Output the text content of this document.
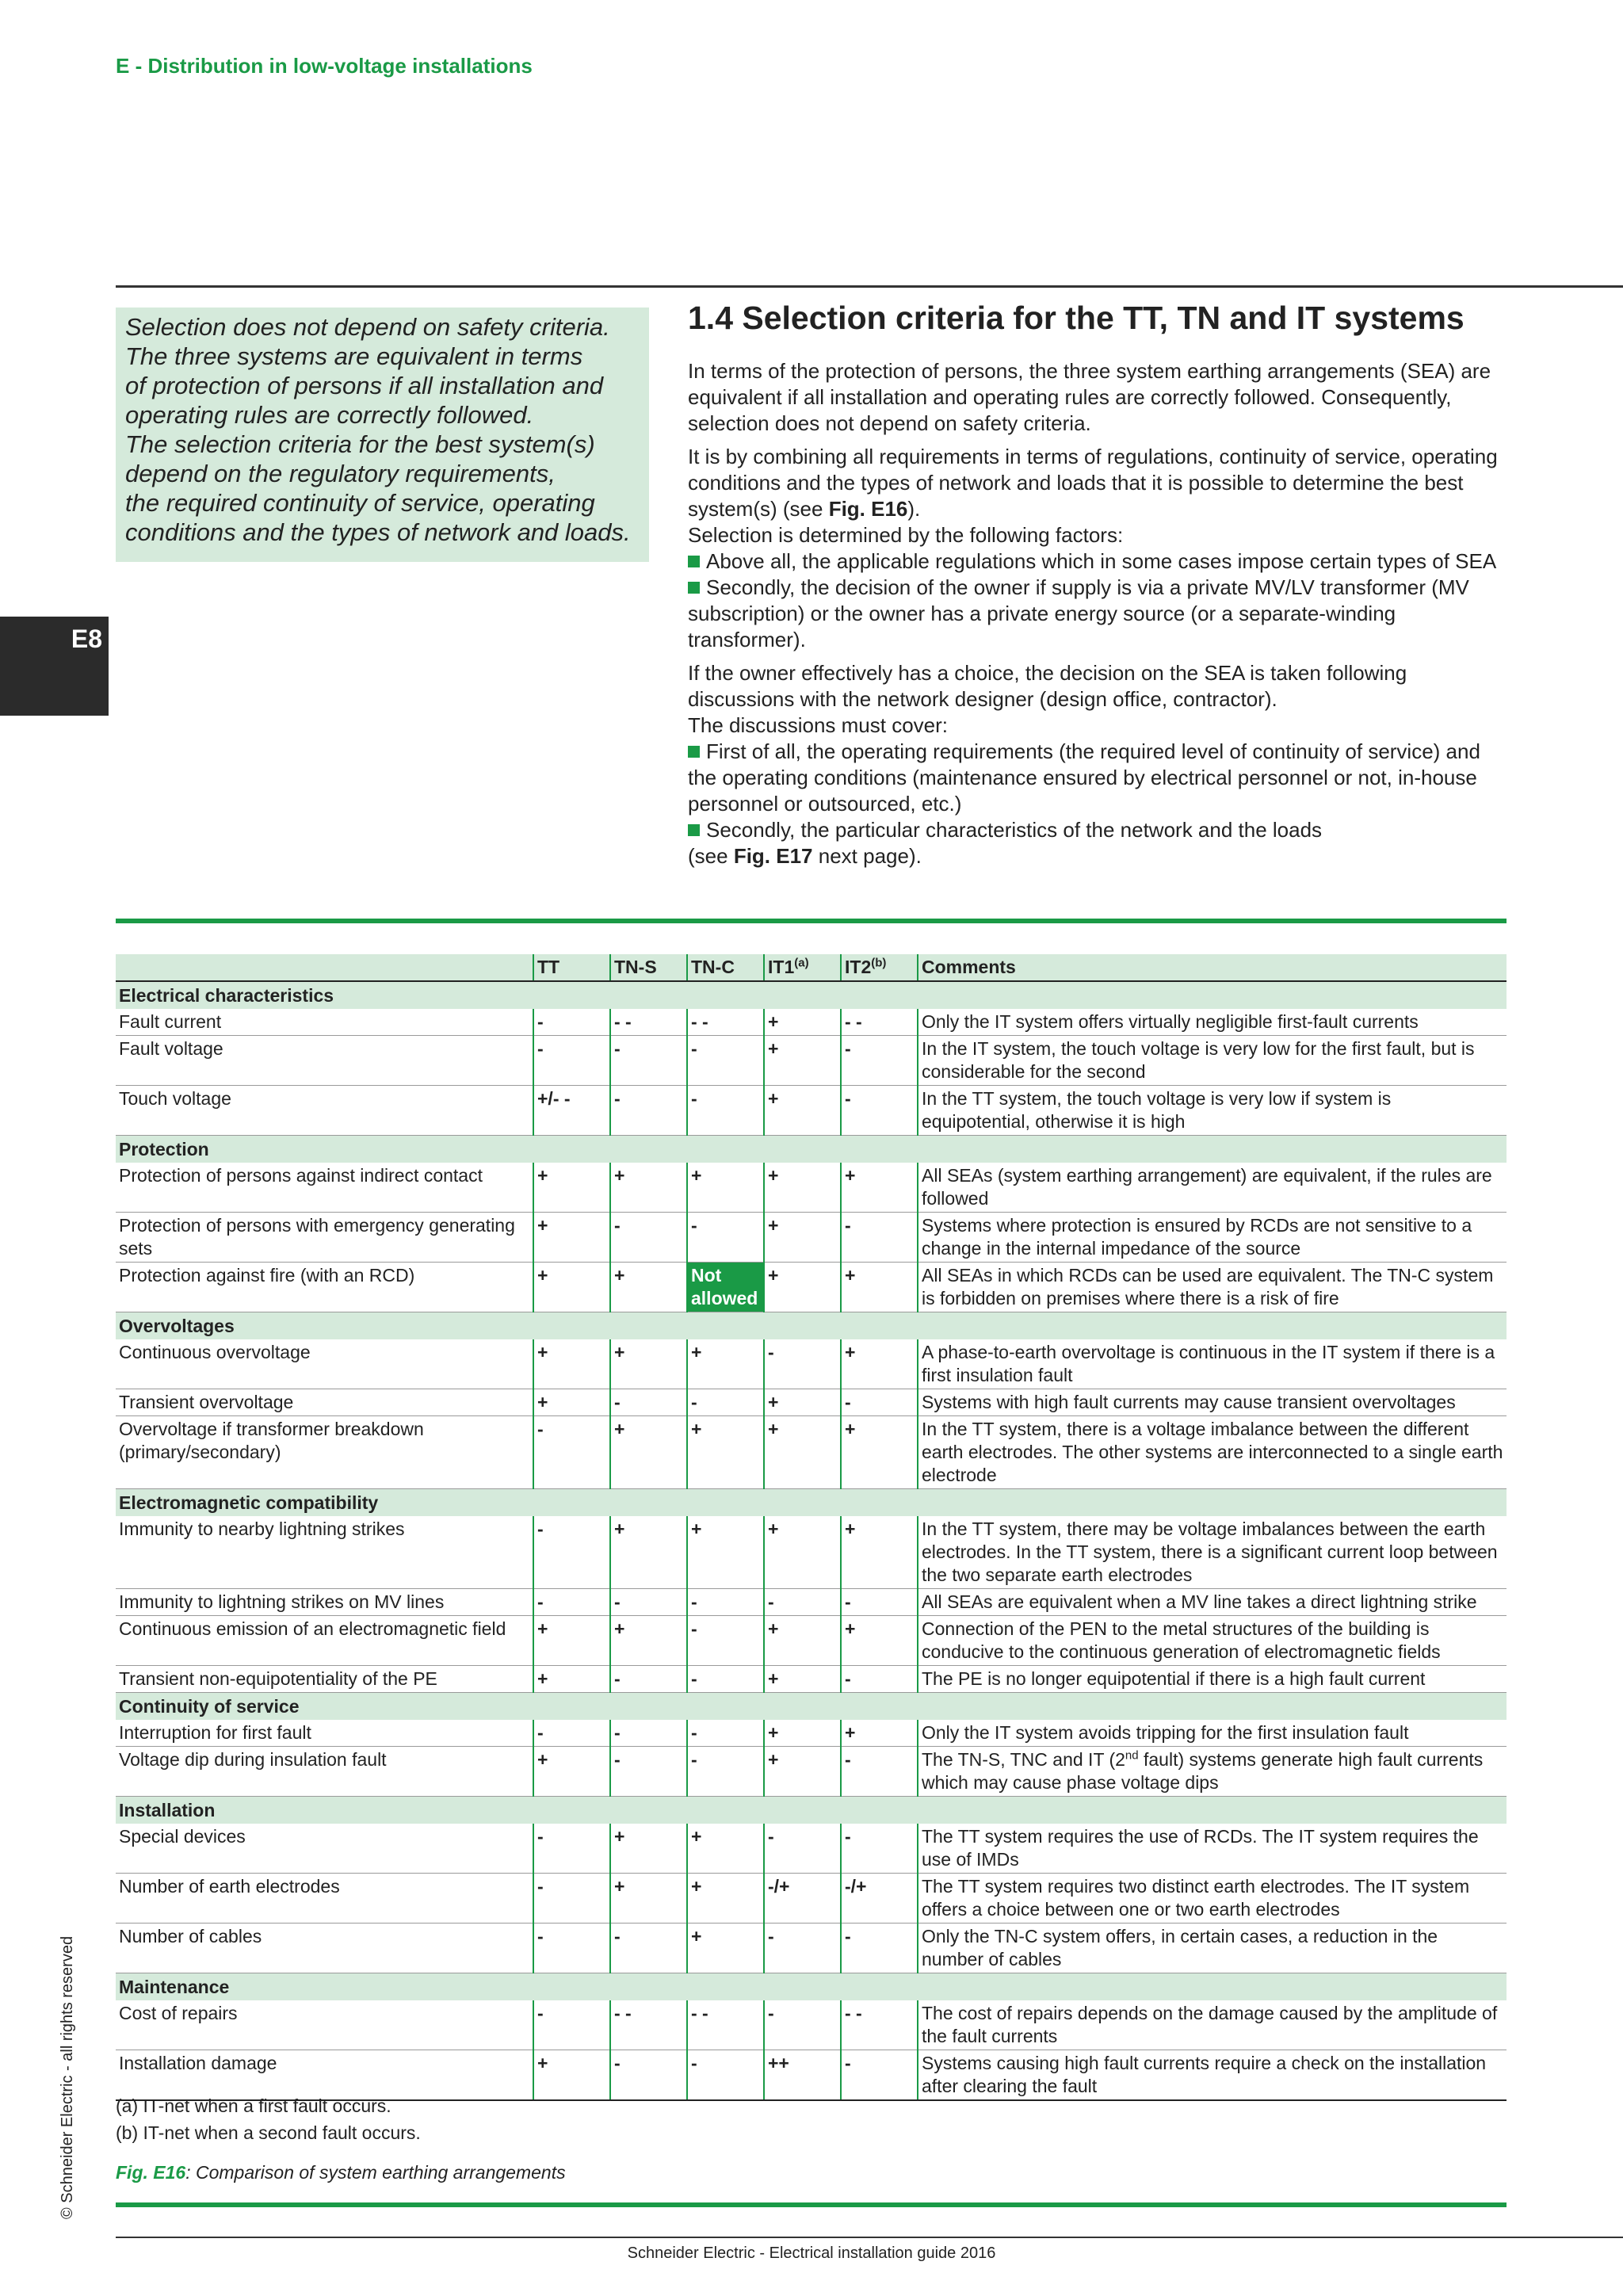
E - Distribution in low-voltage installations
E8
© Schneider Electric - all rights reserved

Selection does not depend on safety criteria.

The three systems are equivalent in terms

of protection of persons if all installation and

operating rules are correctly followed.

The selection criteria for the best system(s)

depend on the regulatory requirements,

the required continuity of service, operating

conditions and the types of network and loads.

1.4 Selection criteria for the TT, TN and IT systems

In terms of the protection of persons, the three system earthing arrangements (SEA) are equivalent if all installation and operating rules are correctly followed. Consequently, selection does not depend on safety criteria.

It is by combining all requirements in terms of regulations, continuity of service, operating conditions and the types of network and loads that it is possible to determine the best system(s) (see Fig. E16).

Selection is determined by the following factors:

Above all, the applicable regulations which in some cases impose certain types of SEA

Secondly, the decision of the owner if supply is via a private MV/LV transformer (MV subscription) or the owner has a private energy source (or a separate-winding transformer).

If the owner effectively has a choice, the decision on the SEA is taken following discussions with the network designer (design office, contractor).

The discussions must cover:

First of all, the operating requirements (the required level of continuity of service) and the operating conditions (maintenance ensured by electrical personnel or not, in-house personnel or outsourced, etc.)

Secondly, the particular characteristics of the network and the loads
(see Fig. E17 next page).

	TT	TN-S	TN-C	IT1$^{(a)}$	IT2$^{(b)}$	Comments
Electrical characteristics						
Fault current	-	- -	- -	+	- -	Only the IT system offers virtually negligible first-fault currents
Fault voltage	-	-	-	+	-	In the IT system, the touch voltage is very low for the first fault, but is considerable for the second
Touch voltage	+/- -	-	-	+	-	In the TT system, the touch voltage is very low if system is equipotential, otherwise it is high
Protection						
Protection of persons against indirect contact	+	+	+	+	+	All SEAs (system earthing arrangement) are equivalent, if the rules are followed
Protection of persons with emergency generating sets	+	-	-	+	-	Systems where protection is ensured by RCDs are not sensitive to a change in the internal impedance of the source
Protection against fire (with an RCD)	+	+	Not allowed	+	+	All SEAs in which RCDs can be used are equivalent. The TN-C system is forbidden on premises where there is a risk of fire
Overvoltages						
Continuous overvoltage	+	+	+	-	+	A phase-to-earth overvoltage is continuous in the IT system if there is a first insulation fault
Transient overvoltage	+	-	-	+	-	Systems with high fault currents may cause transient overvoltages
Overvoltage if transformer breakdown (primary/secondary)	-	+	+	+	+	In the TT system, there is a voltage imbalance between the different earth electrodes. The other systems are interconnected to a single earth electrode
Electromagnetic compatibility						
Immunity to nearby lightning strikes	-	+	+	+	+	In the TT system, there may be voltage imbalances between the earth electrodes. In the TT system, there is a significant current loop between the two separate earth electrodes
Immunity to lightning strikes on MV lines	-	-	-	-	-	All SEAs are equivalent when a MV line takes a direct lightning strike
Continuous emission of an electromagnetic field	+	+	-	+	+	Connection of the PEN to the metal structures of the building is conducive to the continuous generation of electromagnetic fields
Transient non-equipotentiality of the PE	+	-	-	+	-	The PE is no longer equipotential if there is a high fault current
Continuity of service						
Interruption for first fault	-	-	-	+	+	Only the IT system avoids tripping for the first insulation fault
Voltage dip during insulation fault	+	-	-	+	-	The TN-S, TNC and IT (2nd fault) systems generate high fault currents which may cause phase voltage dips
Installation						
Special devices	-	+	+	-	-	The TT system requires the use of RCDs. The IT system requires the use of IMDs
Number of earth electrodes	-	+	+	-/+	-/+	The TT system requires two distinct earth electrodes. The IT system offers a choice between one or two earth electrodes
Number of cables	-	-	+	-	-	Only the TN-C system offers, in certain cases, a reduction in the number of cables
Maintenance						
Cost of repairs	-	- -	- -	-	- -	The cost of repairs depends on the damage caused by the amplitude of the fault currents
Installation damage	+	-	-	++	-	Systems causing high fault currents require a check on the installation after clearing the fault

(a) IT-net when a first fault occurs.

(b) IT-net when a second fault occurs.

Fig. E16: Comparison of system earthing arrangements
Schneider Electric - Electrical installation guide 2016
